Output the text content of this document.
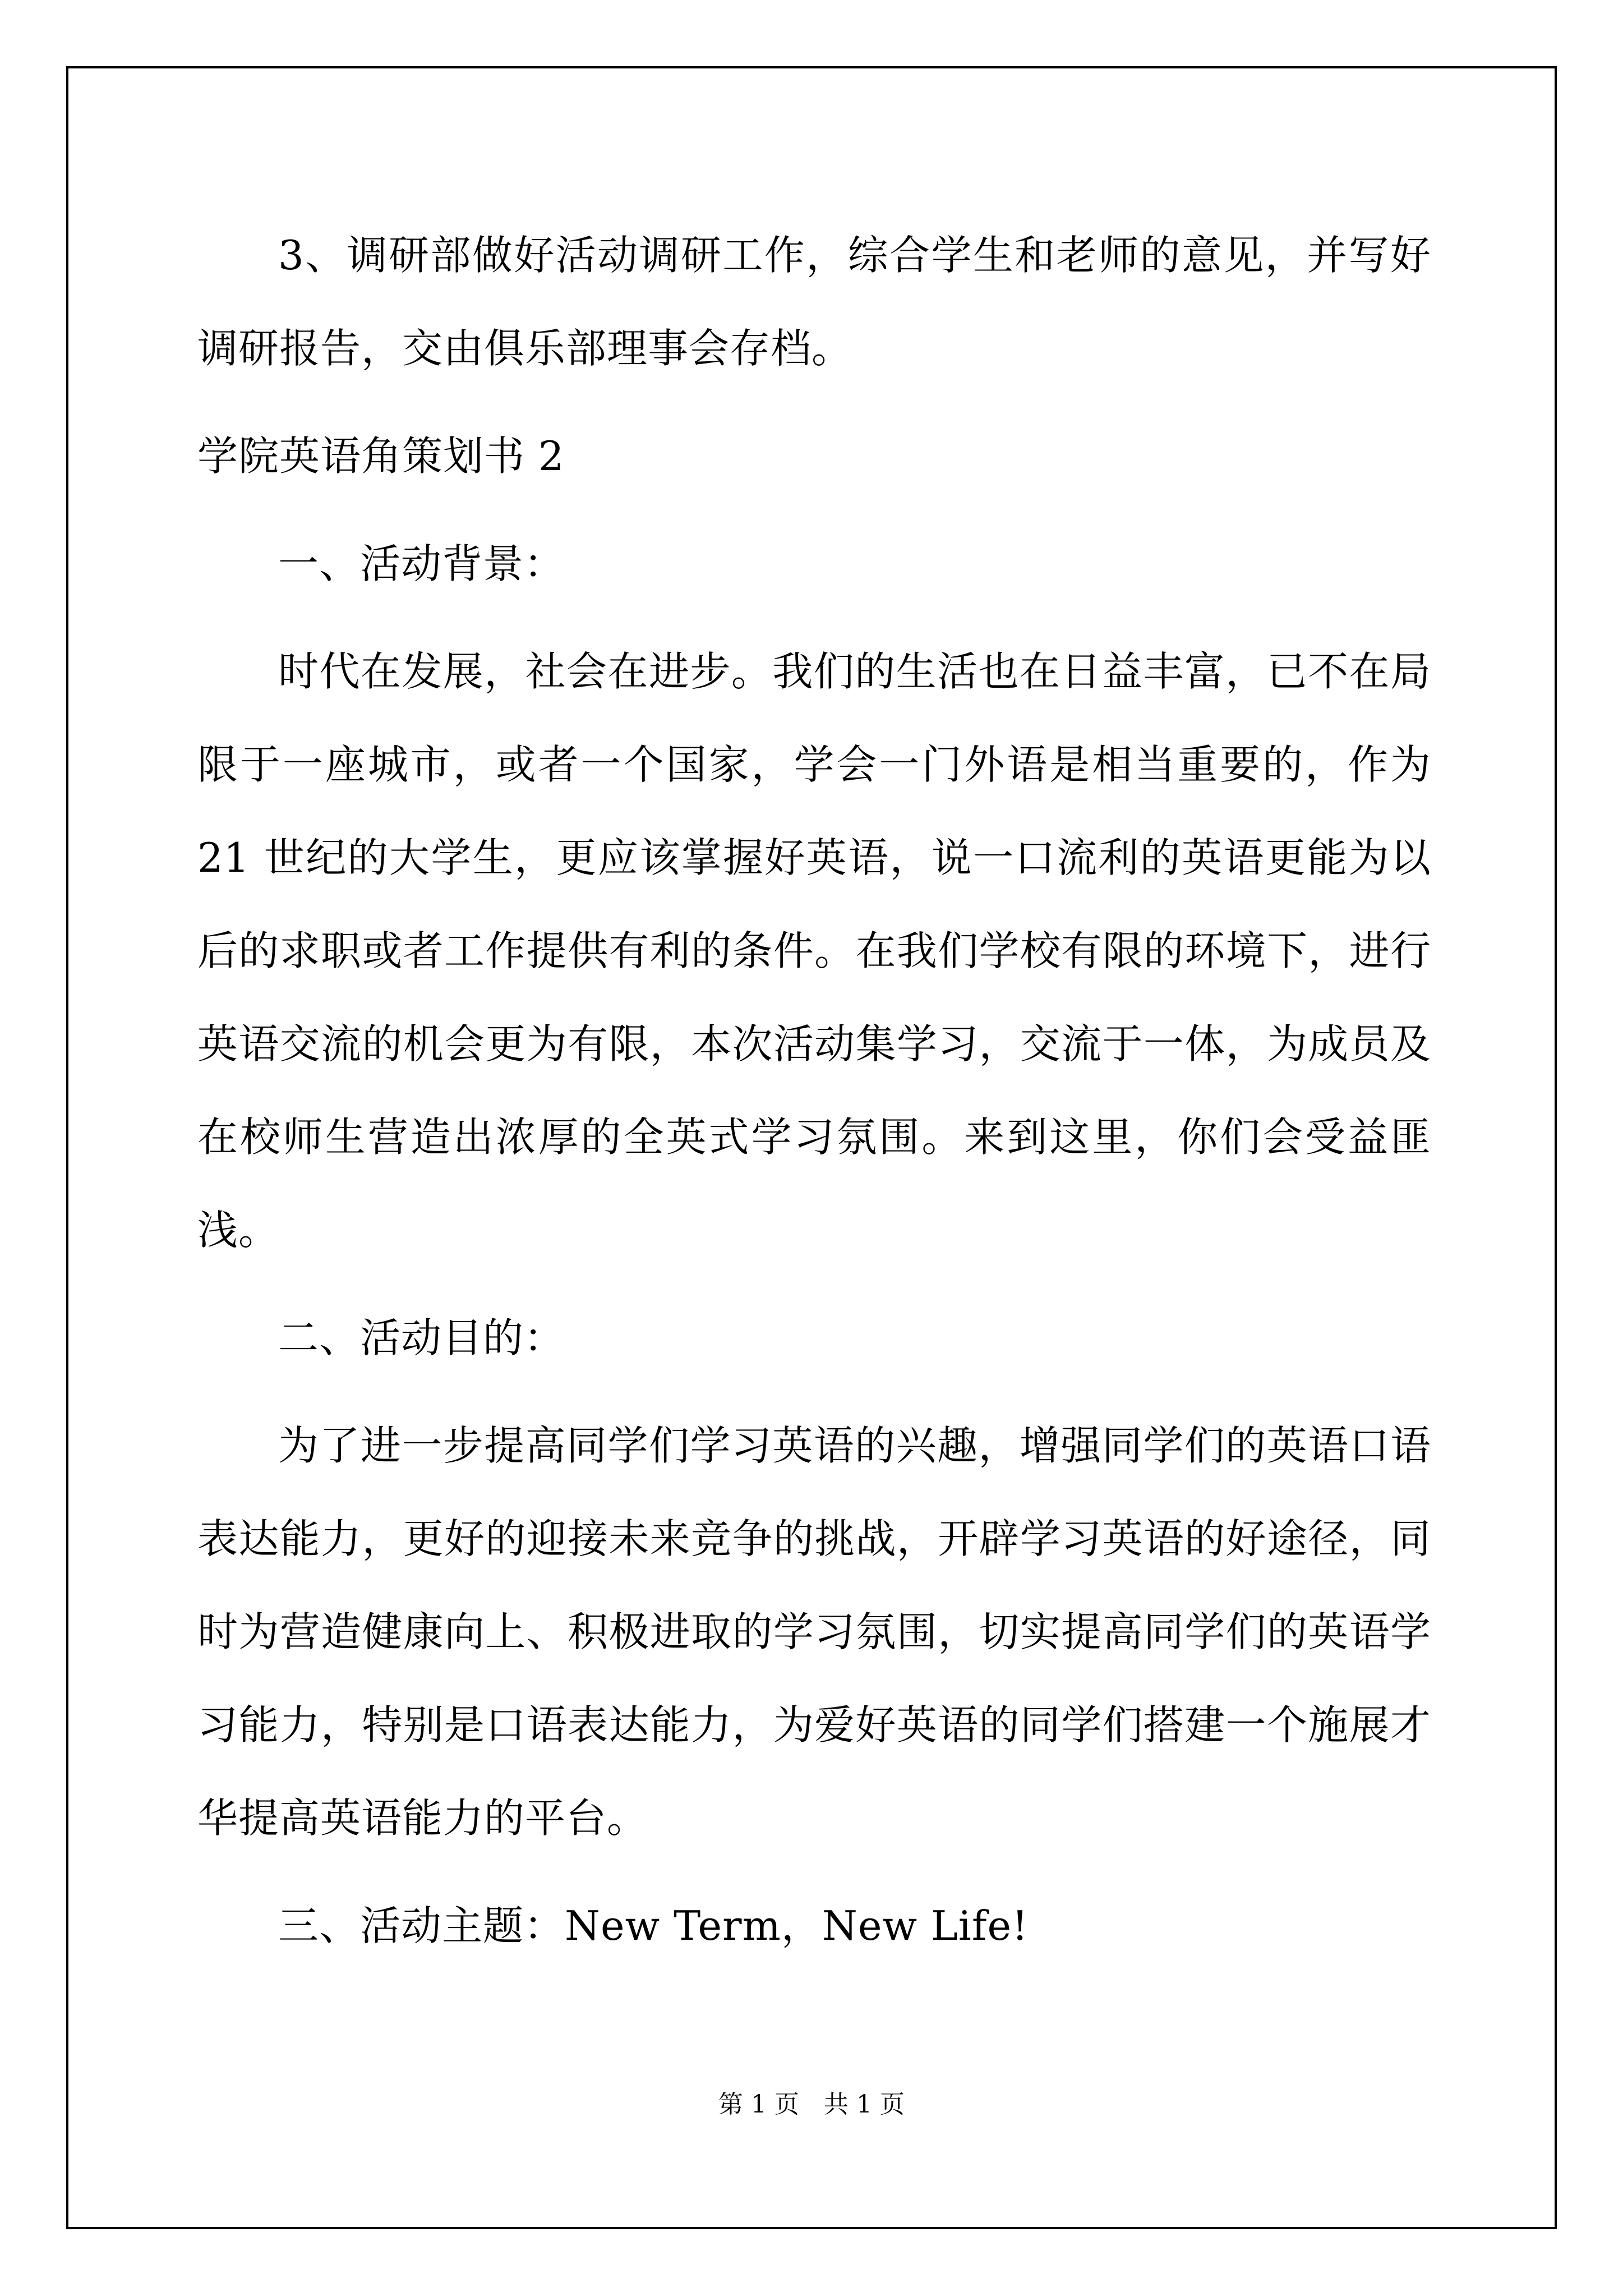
3、调研部做好活动调研工作，综合学生和老师的意见，并写好调研报告，交由俱乐部理事会存档。

学院英语角策划书 2

一、活动背景：

时代在发展，社会在进步。我们的生活也在日益丰富，已不在局限于一座城市，或者一个国家，学会一门外语是相当重要的，作为 21 世纪的大学生，更应该掌握好英语，说一口流利的英语更能为以后的求职或者工作提供有利的条件。在我们学校有限的环境下，进行英语交流的机会更为有限，本次活动集学习，交流于一体，为成员及在校师生营造出浓厚的全英式学习氛围。来到这里，你们会受益匪浅。

二、活动目的：

为了进一步提高同学们学习英语的兴趣，增强同学们的英语口语表达能力，更好的迎接未来竞争的挑战，开辟学习英语的好途径，同时为营造健康向上、积极进取的学习氛围，切实提高同学们的英语学习能力，特别是口语表达能力，为爱好英语的同学们搭建一个施展才华提高英语能力的平台。

三、活动主题：New Term，New Life!

第 1 页　共 1 页
